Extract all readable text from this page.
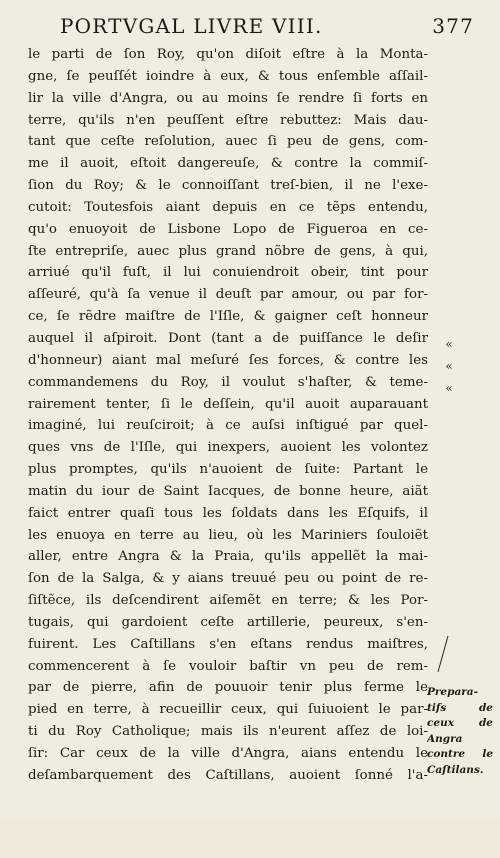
PORTVGAL LIVRE VIII.	377
le parti de ſon Roy, qu'on diſoit eſtre à la Monta-
gne, ſe peuſſét ioindre à eux, & tous enſemble aſſail-
lir la ville d'Angra, ou au moins ſe rendre ſi forts en
terre, qu'ils n'en peuſſent eſtre rebuttez: Mais dau-
tant que ceſte reſolution, auec ſi peu de gens, com-
me il auoit, eſtoit dangereuſe, & contre la commiſ-
ſion du Roy; & le connoiſſant treſ-bien, il ne l'exe-
cutoit: Toutesfois aiant depuis en ce tẽps entendu,
qu'o enuoyoit de Lisbone Lopo de Figueroa en ce-
ſte entrepriſe, auec plus grand nõbre de gens, à qui,
arriué qu'il fuſt, il lui conuiendroit obeir, tint pour
aſſeuré, qu'à ſa venue il deuſt par amour, ou par for-
ce, ſe rẽdre maiſtre de l'Iſle, & gaigner ceſt honneur
auquel il aſpiroit. Dont (tant a de puiſſance le deſir
d'honneur) aiant mal meſuré ſes forces, & contre les
commandemens du Roy, il voulut s'haſter, & teme-
rairement tenter, ſi le deſſein, qu'il auoit auparauant
imaginé, lui reuſciroit; à ce auſsi inſtigué par quel-
ques vns de l'Iſle, qui inexpers, auoient les volontez
plus promptes, qu'ils n'auoient de ſuite: Partant le
matin du iour de Saint Iacques, de bonne heure, aiãt
faict entrer quaſi tous les ſoldats dans les Eſquifs, il
les enuoya en terre au lieu, où les Mariniers ſouloiẽt
aller, entre Angra & la Praia, qu'ils appellẽt la mai-
ſon de la Salga, & y aians treuué peu ou point de re-
ſiſtẽce, ils deſcendirent aiſemẽt en terre; & les Por-
tugais, qui gardoient ceſte artillerie, peureux, s'en-
fuirent. Les Caſtillans s'en eſtans rendus maiſtres,
commencerent à ſe vouloir baſtir vn peu de rem-
par de pierre, afin de pouuoir tenir plus ferme le
pied en terre, à recueillir ceux, qui ſuiuoient le par-
ti du Roy Catholique; mais ils n'eurent aſſez de loi-
ſir: Car ceux de la ville d'Angra, aians entendu le
deſambarquement des Caſtillans, auoient ſonné l'a-
«
«
«
Prepara-
tifs de
ceux de
Angra
contre le
Caſtilans.
